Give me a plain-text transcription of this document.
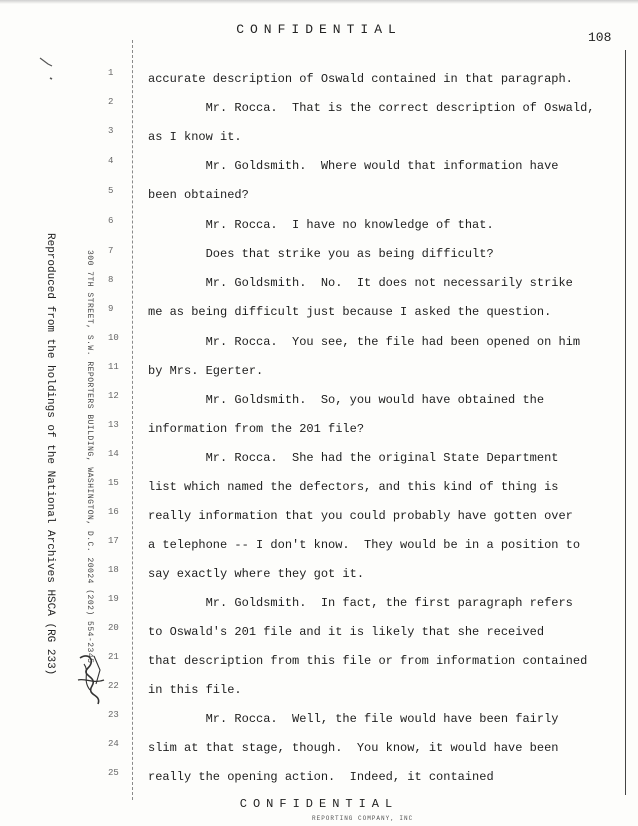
CONFIDENTIAL
108
Reproduced from the holdings of the National Archives HSCA (RG 233)	300 7TH STREET, S.W. REPORTERS BUILDING, WASHINGTON, D.C. 20024 (202) 554-2345
1
2
3
4
5
6
7
8
9
10
11
12
13
14
15
16
17
18
19
20
21
22
23
24
25
accurate description of Oswald contained in that paragraph.
Mr. Rocca.  That is the correct description of Oswald,
as I know it.
Mr. Goldsmith.  Where would that information have
been obtained?
Mr. Rocca.  I have no knowledge of that.
Does that strike you as being difficult?
Mr. Goldsmith.  No.  It does not necessarily strike
me as being difficult just because I asked the question.
Mr. Rocca.  You see, the file had been opened on him
by Mrs. Egerter.
Mr. Goldsmith.  So, you would have obtained the
information from the 201 file?
Mr. Rocca.  She had the original State Department
list which named the defectors, and this kind of thing is
really information that you could probably have gotten over
a telephone -- I don't know.  They would be in a position to
say exactly where they got it.
Mr. Goldsmith.  In fact, the first paragraph refers
to Oswald's 201 file and it is likely that she received
that description from this file or from information contained
in this file.
Mr. Rocca.  Well, the file would have been fairly
slim at that stage, though.  You know, it would have been
really the opening action.  Indeed, it contained
CONFIDENTIAL
REPORTING COMPANY, INC
